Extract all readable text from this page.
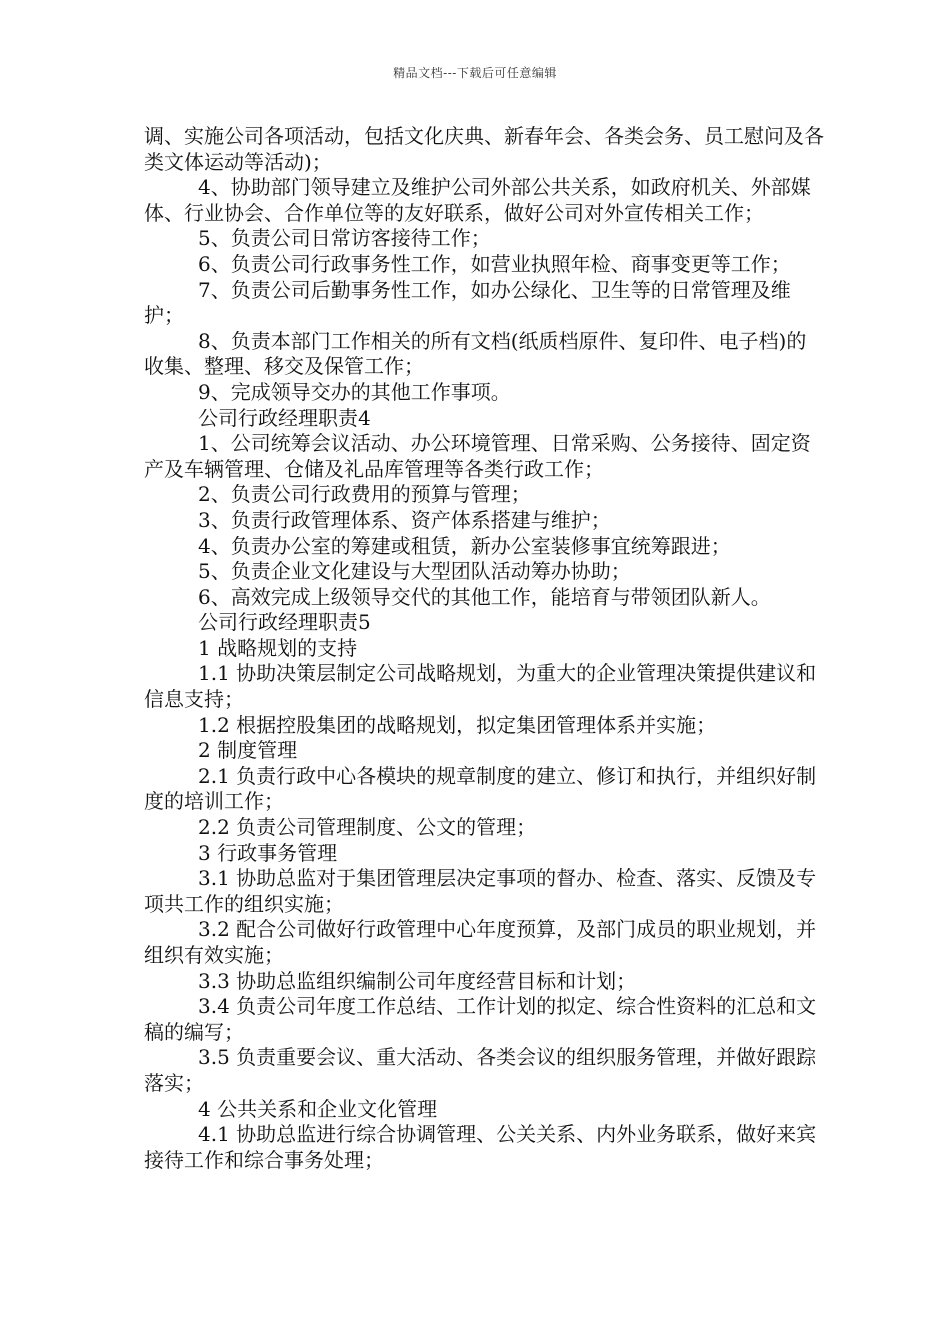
精品文档---下载后可任意编辑

调、实施公司各项活动，包括文化庆典、新春年会、各类会务、员工慰问及各类文体运动等活动)；

4、协助部门领导建立及维护公司外部公共关系，如政府机关、外部媒体、行业协会、合作单位等的友好联系，做好公司对外宣传相关工作；

5、负责公司日常访客接待工作；

6、负责公司行政事务性工作，如营业执照年检、商事变更等工作；

7、负责公司后勤事务性工作，如办公绿化、卫生等的日常管理及维护；

8、负责本部门工作相关的所有文档(纸质档原件、复印件、电子档)的收集、整理、移交及保管工作；

9、完成领导交办的其他工作事项。

公司行政经理职责4

1、公司统筹会议活动、办公环境管理、日常采购、公务接待、固定资产及车辆管理、仓储及礼品库管理等各类行政工作；

2、负责公司行政费用的预算与管理；

3、负责行政管理体系、资产体系搭建与维护；

4、负责办公室的筹建或租赁，新办公室装修事宜统筹跟进；

5、负责企业文化建设与大型团队活动筹办协助；

6、高效完成上级领导交代的其他工作，能培育与带领团队新人。

公司行政经理职责5

1 战略规划的支持

1.1 协助决策层制定公司战略规划，为重大的企业管理决策提供建议和信息支持；

1.2 根据控股集团的战略规划，拟定集团管理体系并实施；

2 制度管理

2.1 负责行政中心各模块的规章制度的建立、修订和执行，并组织好制度的培训工作；

2.2 负责公司管理制度、公文的管理；

3 行政事务管理

3.1 协助总监对于集团管理层决定事项的督办、检查、落实、反馈及专项共工作的组织实施；

3.2 配合公司做好行政管理中心年度预算，及部门成员的职业规划，并组织有效实施；

3.3 协助总监组织编制公司年度经营目标和计划；

3.4 负责公司年度工作总结、工作计划的拟定、综合性资料的汇总和文稿的编写；

3.5 负责重要会议、重大活动、各类会议的组织服务管理，并做好跟踪落实；

4 公共关系和企业文化管理

4.1 协助总监进行综合协调管理、公关关系、内外业务联系，做好来宾接待工作和综合事务处理；
